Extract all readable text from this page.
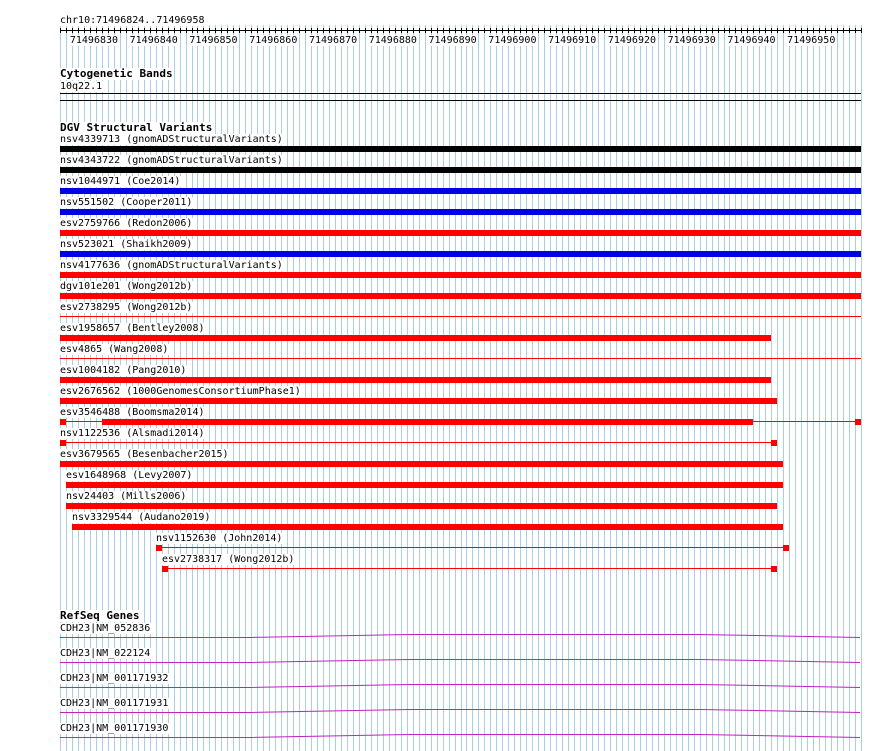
chr10:71496824..71496958
71496830 71496840 71496850 71496860 71496870 71496880 71496890 71496900 71496910 71496920 71496930 71496940 71496950
Cytogenetic Bands
10q22.1
DGV Structural Variants
nsv4339713 (gnomADStructuralVariants)
nsv4343722 (gnomADStructuralVariants)
nsv1044971 (Coe2014)
nsv551502 (Cooper2011)
esv2759766 (Redon2006)
nsv523021 (Shaikh2009)
nsv4177636 (gnomADStructuralVariants)
dgv101e201 (Wong2012b)
esv2738295 (Wong2012b)
esv1958657 (Bentley2008)
esv4865 (Wang2008)
esv1004182 (Pang2010)
esv2676562 (1000GenomesConsortiumPhase1)
esv3546488 (Boomsma2014)
nsv1122536 (Alsmadi2014)
esv3679565 (Besenbacher2015)
esv1648968 (Levy2007)
nsv24403 (Mills2006)
nsv3329544 (Audano2019)
nsv1152630 (John2014)
esv2738317 (Wong2012b)
RefSeq Genes
CDH23|NM_052836
CDH23|NM_022124
CDH23|NM_001171932
CDH23|NM_001171931
CDH23|NM_001171930
